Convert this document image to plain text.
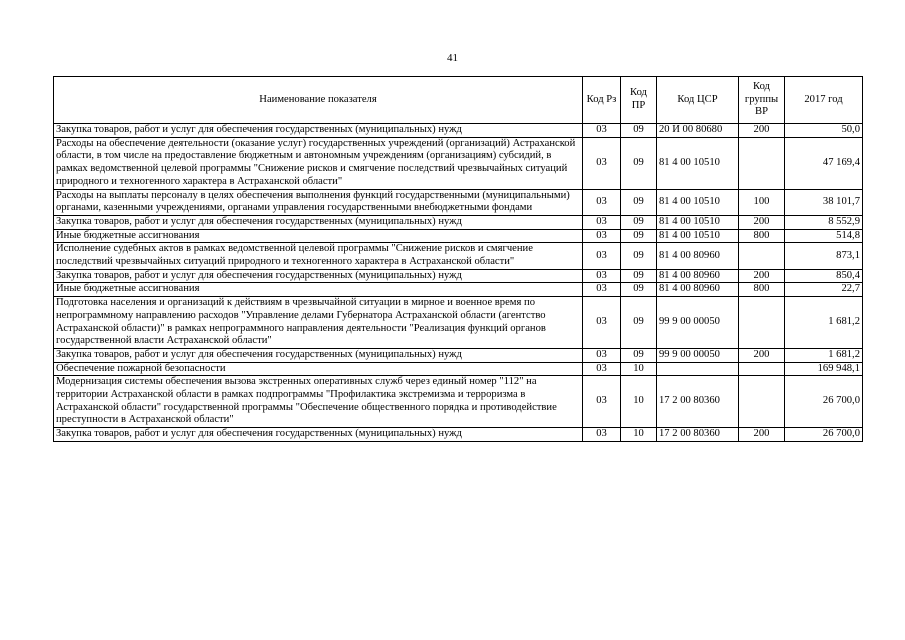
41
Наименование показателя	Код Рз	Код ПР	Код ЦСР	Код группы ВР	2017 год
Закупка товаров, работ и услуг для обеспечения государственных (муниципальных) нужд	03	09	20 И 00 80680	200	50,0
Расходы на обеспечение деятельности (оказание услуг) государственных учреждений (организаций) Астраханской области, в том числе на предоставление бюджетным и автономным учреждениям (организациям) субсидий, в рамках ведомственной целевой программы "Снижение рисков и смягчение последствий чрезвычайных ситуаций природного и техногенного характера в Астраханской области"	03	09	81 4 00 10510		47 169,4
Расходы на выплаты персоналу в целях обеспечения выполнения функций государственными (муниципальными) органами, казенными учреждениями, органами управления государственными внебюджетными фондами	03	09	81 4 00 10510	100	38 101,7
Закупка товаров, работ и услуг для обеспечения государственных (муниципальных) нужд	03	09	81 4 00 10510	200	8 552,9
Иные бюджетные ассигнования	03	09	81 4 00 10510	800	514,8
Исполнение судебных актов в рамках ведомственной целевой программы "Снижение рисков и смягчение последствий чрезвычайных ситуаций природного и техногенного характера в Астраханской области"	03	09	81 4 00 80960		873,1
Закупка товаров, работ и услуг для обеспечения государственных (муниципальных) нужд	03	09	81 4 00 80960	200	850,4
Иные бюджетные ассигнования	03	09	81 4 00 80960	800	22,7
Подготовка населения и организаций к действиям в чрезвычайной ситуации в мирное и военное время по непрограммному направлению расходов "Управление делами Губернатора Астраханской области (агентство Астраханской области)" в рамках непрограммного направления деятельности "Реализация функций органов государственной власти Астраханской области"	03	09	99 9 00 00050		1 681,2
Закупка товаров, работ и услуг для обеспечения государственных (муниципальных) нужд	03	09	99 9 00 00050	200	1 681,2
Обеспечение пожарной безопасности	03	10			169 948,1
Модернизация системы обеспечения вызова экстренных оперативных служб через единый номер "112" на территории Астраханской области в рамках подпрограммы "Профилактика экстремизма и терроризма в Астраханской области" государственной программы "Обеспечение общественного порядка и противодействие преступности в Астраханской области"	03	10	17 2 00 80360		26 700,0
Закупка товаров, работ и услуг для обеспечения государственных (муниципальных) нужд	03	10	17 2 00 80360	200	26 700,0
